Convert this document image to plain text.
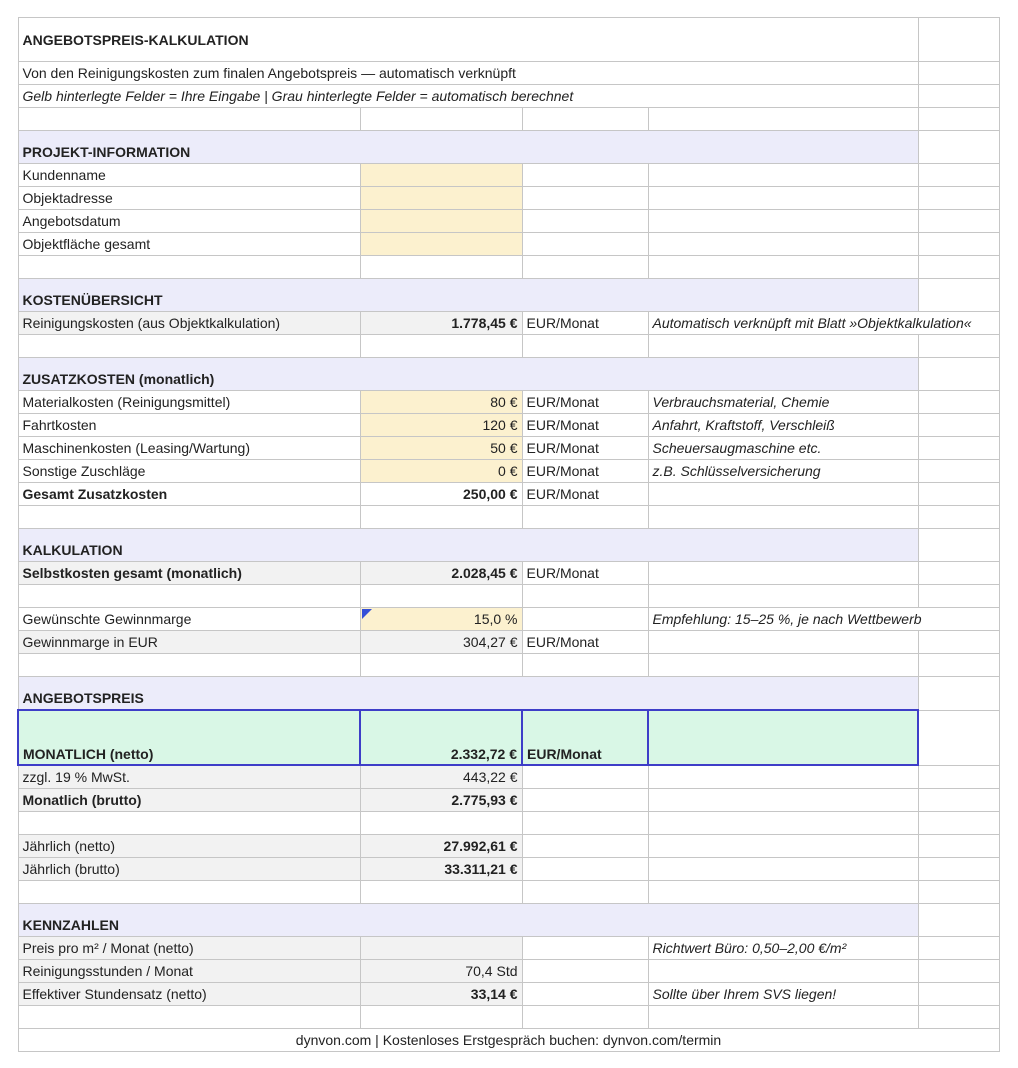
ANGEBOTSPREIS-KALKULATION				
Von den Reinigungskosten zum finalen Angebotspreis — automatisch verknüpft				
Gelb hinterlegte Felder = Ihre Eingabe | Grau hinterlegte Felder = automatisch berechnet				

PROJEKT-INFORMATION				
Kundenname				
Objektadresse				
Angebotsdatum				
Objektfläche gesamt				

KOSTENÜBERSICHT				
Reinigungskosten (aus Objektkalkulation)	1.778,45 €	EUR/Monat	Automatisch verknüpft mit Blatt »Objektkalkulation«	

ZUSATZKOSTEN (monatlich)				
Materialkosten (Reinigungsmittel)	80 €	EUR/Monat	Verbrauchsmaterial, Chemie	
Fahrtkosten	120 €	EUR/Monat	Anfahrt, Kraftstoff, Verschleiß	
Maschinenkosten (Leasing/Wartung)	50 €	EUR/Monat	Scheuersaugmaschine etc.	
Sonstige Zuschläge	0 €	EUR/Monat	z.B. Schlüsselversicherung	
Gesamt Zusatzkosten	250,00 €	EUR/Monat		

KALKULATION				
Selbstkosten gesamt (monatlich)	2.028,45 €	EUR/Monat		

Gewünschte Gewinnmarge	15,0 %		Empfehlung: 15–25 %, je nach Wettbewerb	
Gewinnmarge in EUR	304,27 €	EUR/Monat		

ANGEBOTSPREIS				
MONATLICH (netto)	2.332,72 €	EUR/Monat		
zzgl. 19 % MwSt.	443,22 €			
Monatlich (brutto)	2.775,93 €			

Jährlich (netto)	27.992,61 €			
Jährlich (brutto)	33.311,21 €			

KENNZAHLEN				
Preis pro m² / Monat (netto)			Richtwert Büro: 0,50–2,00 €/m²	
Reinigungsstunden / Monat	70,4 Std			
Effektiver Stundensatz (netto)	33,14 €		Sollte über Ihrem SVS liegen!	

dynvon.com | Kostenloses Erstgespräch buchen: dynvon.com/termin				
